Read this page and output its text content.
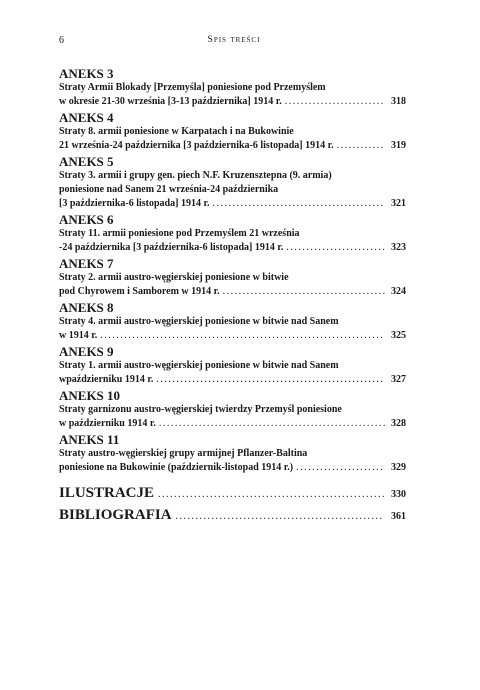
6	Spis treści
ANEKS 3
Straty Armii Blokady [Przemyśla] poniesione pod Przemyślem
w okresie 21-30 września [3-13 października] 1914 r. .....	318
ANEKS 4
Straty 8. armii poniesione w Karpatach i na Bukowinie
21 września-24 października [3 października-6 listopada] 1914 r. .....	319
ANEKS 5
Straty 3. armii i grupy gen. piech N.F. Kruzensztерna (9. armia)
poniesione nad Sanem 21 września-24 października
[3 października-6 listopada] 1914 r. .....	321
ANEKS 6
Straty 11. armii poniesione pod Przemyślem 21 września
-24 października [3 października-6 listopada] 1914 r. .....	323
ANEKS 7
Straty 2. armii austro-węgierskiej poniesione w bitwie
pod Chyrowem i Samborem w 1914 r. .....	324
ANEKS 8
Straty 4. armii austro-węgierskiej poniesione w bitwie nad Sanem
w 1914 r. .....	325
ANEKS 9
Straty 1. armii austro-węgierskiej poniesione w bitwie nad Sanem
wpaździerniku 1914 r. .....	327
ANEKS 10
Straty garnizonu austro-węgierskiej twierdzy Przemyśl poniesione
w październiku 1914 r. .....	328
ANEKS 11
Straty austro-węgierskiej grupy armijnej Pflanzer-Baltina
poniesione na Bukowinie (październik-listopad 1914 r.) .....	329
ILUSTRACJE .....	330
BIBLIOGRAFIA .....	361
